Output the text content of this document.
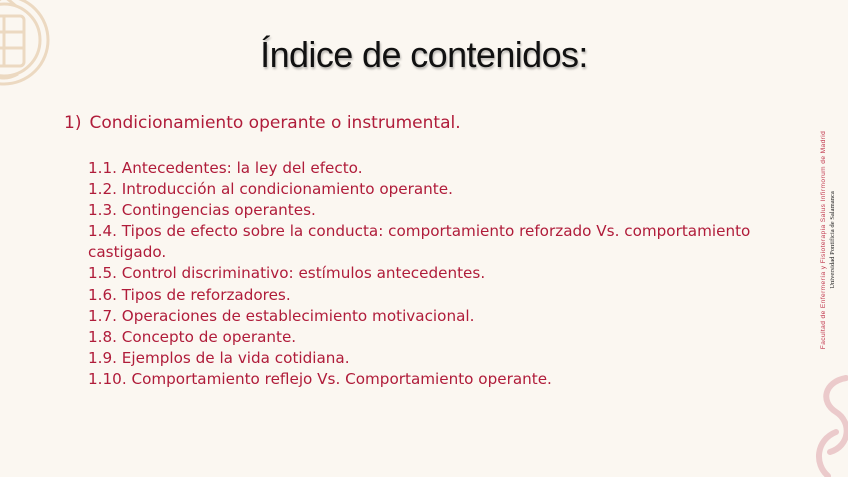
Índice de contenidos:
1) Condicionamiento operante o instrumental.
1.1. Antecedentes: la ley del efecto.
1.2. Introducción al condicionamiento operante.
1.3. Contingencias operantes.
1.4. Tipos de efecto sobre la conducta: comportamiento reforzado Vs. comportamiento castigado.
1.5. Control discriminativo: estímulos antecedentes.
1.6. Tipos de reforzadores.
1.7. Operaciones de establecimiento motivacional.
1.8. Concepto de operante.
1.9. Ejemplos de la vida cotidiana.
1.10. Comportamiento reflejo Vs. Comportamiento operante.
Facultad de Enfermería y Fisioterapia Salus Infirmorum de Madrid Universidad Pontificia de Salamanca
